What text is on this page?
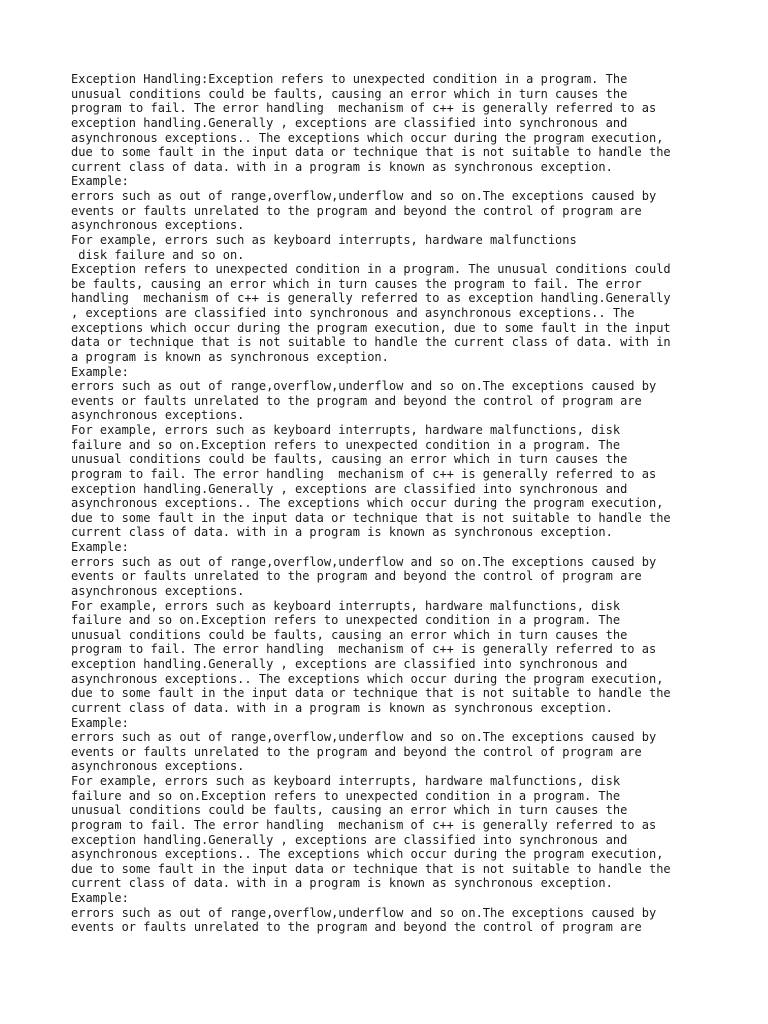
Exception Handling:Exception refers to unexpected condition in a program. The
unusual conditions could be faults, causing an error which in turn causes the
program to fail. The error handling  mechanism of c++ is generally referred to as
exception handling.Generally , exceptions are classified into synchronous and
asynchronous exceptions.. The exceptions which occur during the program execution,
due to some fault in the input data or technique that is not suitable to handle the
current class of data. with in a program is known as synchronous exception.
Example:
errors such as out of range,overflow,underflow and so on.The exceptions caused by
events or faults unrelated to the program and beyond the control of program are
asynchronous exceptions.
For example, errors such as keyboard interrupts, hardware malfunctions
disk failure and so on.
Exception refers to unexpected condition in a program. The unusual conditions could
be faults, causing an error which in turn causes the program to fail. The error
handling  mechanism of c++ is generally referred to as exception handling.Generally
, exceptions are classified into synchronous and asynchronous exceptions.. The
exceptions which occur during the program execution, due to some fault in the input
data or technique that is not suitable to handle the current class of data. with in
a program is known as synchronous exception.
Example:
errors such as out of range,overflow,underflow and so on.The exceptions caused by
events or faults unrelated to the program and beyond the control of program are
asynchronous exceptions.
For example, errors such as keyboard interrupts, hardware malfunctions, disk
failure and so on.Exception refers to unexpected condition in a program. The
unusual conditions could be faults, causing an error which in turn causes the
program to fail. The error handling  mechanism of c++ is generally referred to as
exception handling.Generally , exceptions are classified into synchronous and
asynchronous exceptions.. The exceptions which occur during the program execution,
due to some fault in the input data or technique that is not suitable to handle the
current class of data. with in a program is known as synchronous exception.
Example:
errors such as out of range,overflow,underflow and so on.The exceptions caused by
events or faults unrelated to the program and beyond the control of program are
asynchronous exceptions.
For example, errors such as keyboard interrupts, hardware malfunctions, disk
failure and so on.Exception refers to unexpected condition in a program. The
unusual conditions could be faults, causing an error which in turn causes the
program to fail. The error handling  mechanism of c++ is generally referred to as
exception handling.Generally , exceptions are classified into synchronous and
asynchronous exceptions.. The exceptions which occur during the program execution,
due to some fault in the input data or technique that is not suitable to handle the
current class of data. with in a program is known as synchronous exception.
Example:
errors such as out of range,overflow,underflow and so on.The exceptions caused by
events or faults unrelated to the program and beyond the control of program are
asynchronous exceptions.
For example, errors such as keyboard interrupts, hardware malfunctions, disk
failure and so on.Exception refers to unexpected condition in a program. The
unusual conditions could be faults, causing an error which in turn causes the
program to fail. The error handling  mechanism of c++ is generally referred to as
exception handling.Generally , exceptions are classified into synchronous and
asynchronous exceptions.. The exceptions which occur during the program execution,
due to some fault in the input data or technique that is not suitable to handle the
current class of data. with in a program is known as synchronous exception.
Example:
errors such as out of range,overflow,underflow and so on.The exceptions caused by
events or faults unrelated to the program and beyond the control of program are
